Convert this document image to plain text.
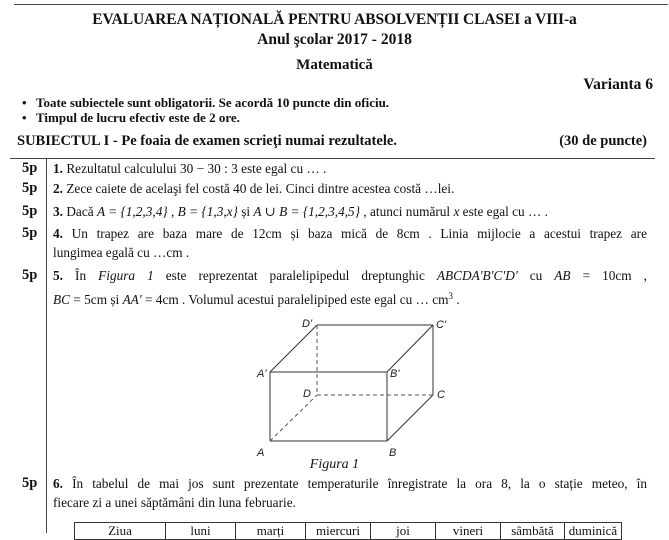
EVALUAREA NAȚIONALĂ PENTRU ABSOLVENȚII CLASEI a VIII-a
Anul şcolar 2017 - 2018
Matematică
Varianta 6
• Toate subiectele sunt obligatorii. Se acordă 10 puncte din oficiu.
• Timpul de lucru efectiv este de 2 ore.
SUBIECTUL I - Pe foaia de examen scrieţi numai rezultatele.	(30 de puncte)
5p 1. Rezultatul calculului 30 − 30 : 3 este egal cu … .
5p 2. Zece caiete de acelaşi fel costă 40 de lei. Cinci dintre acestea costă …lei.
5p 3. Dacă A = {1,2,3,4} , B = {1,3,x} și A ∪ B = {1,2,3,4,5} , atunci numărul x este egal cu … .
5p 4. Un trapez are baza mare de 12cm și baza mică de 8cm . Linia mijlocie a acestui trapez are
lungimea egală cu …cm .
5p 5. În Figura 1 este reprezentat paralelipipedul dreptunghic ABCDA'B'C'D' cu AB = 10cm ,
BC = 5cm și AA' = 4cm . Volumul acestui paralelipiped este egal cu … $cm^3$ .
A	B
C
D
A'	B'
C'
D'
Figura 1
5p 6. În tabelul de mai jos sunt prezentate temperaturile înregistrate la ora 8, la o stație meteo, în
fiecare zi a unei săptămâni din luna februarie.
Ziua	luni	marți	miercuri	joi	vineri	sâmbătă	duminică
